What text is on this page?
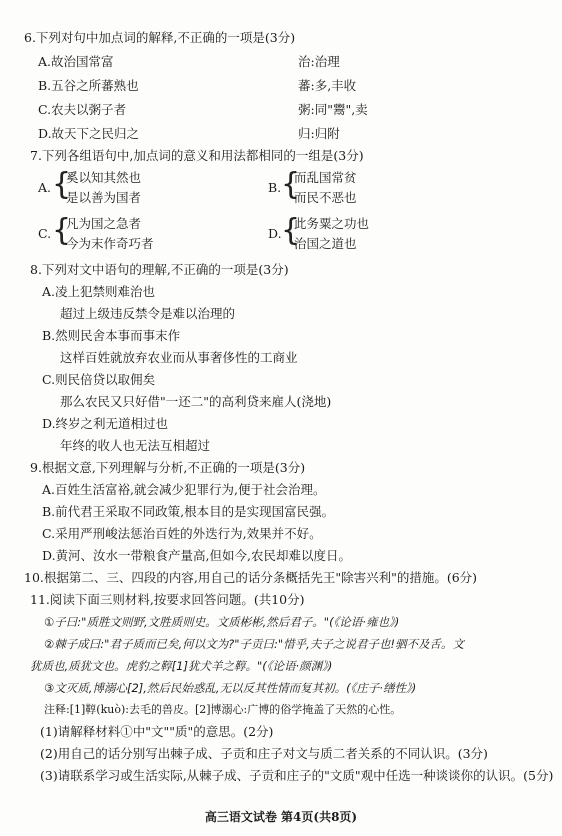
6.下列对句中加点词的解释,不正确的一项是(3分)
A.故治国常富	治:治理
B.五谷之所蕃熟也	蕃:多,丰收
C.农夫以粥子者	粥:同"鬻",卖
D.故天下之民归之	归:归附
7.下列各组语句中,加点词的意义和用法都相同的一组是(3分)
A. {
奚以知其然也
是以善为国者
B. {
而乱国常贫
而民不恶也
C. {
凡为国之急者
今为末作奇巧者
D. {
此务粟之功也
治国之道也
8.下列对文中语句的理解,不正确的一项是(3分)
A.凌上犯禁则难治也
超过上级违反禁令是难以治理的
B.然则民舍本事而事末作
这样百姓就放弃农业而从事奢侈性的工商业
C.则民倍贷以取佣矣
那么农民又只好借"一还二"的高利贷来雇人(浇地)
D.终岁之利无道相过也
年终的收人也无法互相超过
9.根据文意,下列理解与分析,不正确的一项是(3分)
A.百姓生活富裕,就会减少犯罪行为,便于社会治理。
B.前代君王采取不同政策,根本目的是实现国富民强。
C.采用严刑峻法惩治百姓的外迭行为,效果并不好。
D.黄河、汝水一带粮食产量高,但如今,农民却难以度日。
10.根据第二、三、四段的内容,用自己的话分条概括先王"除害兴利"的措施。(6分)
11.阅读下面三则材料,按要求回答问题。(共10分)
①子曰:"质胜文则野,文胜质则史。文质彬彬,然后君子。"(《论语·雍也》)
②棘子成曰:"君子质而已矣,何以文为?"子贡曰:"惜乎,夫子之说君子也!驷不及舌。文
犹质也,质犹文也。虎豹之鞟[1]犹犬羊之鞟。"(《论语·颜渊》)
③文灭质,博溺心[2],然后民始惑乱,无以反其性情而复其初。(《庄子·缮性》)
注释:[1]鞟(kuò):去毛的兽皮。[2]博溺心:广博的俗学掩盖了天然的心性。
(1)请解释材料①中"文""质"的意思。(2分)
(2)用自己的话分别写出棘子成、子贡和庄子对文与质二者关系的不同认识。(3分)
(3)请联系学习或生活实际,从棘子成、子贡和庄子的"文质"观中任选一种谈谈你的认识。(5分)
高三语文试卷 第4页(共8页)
